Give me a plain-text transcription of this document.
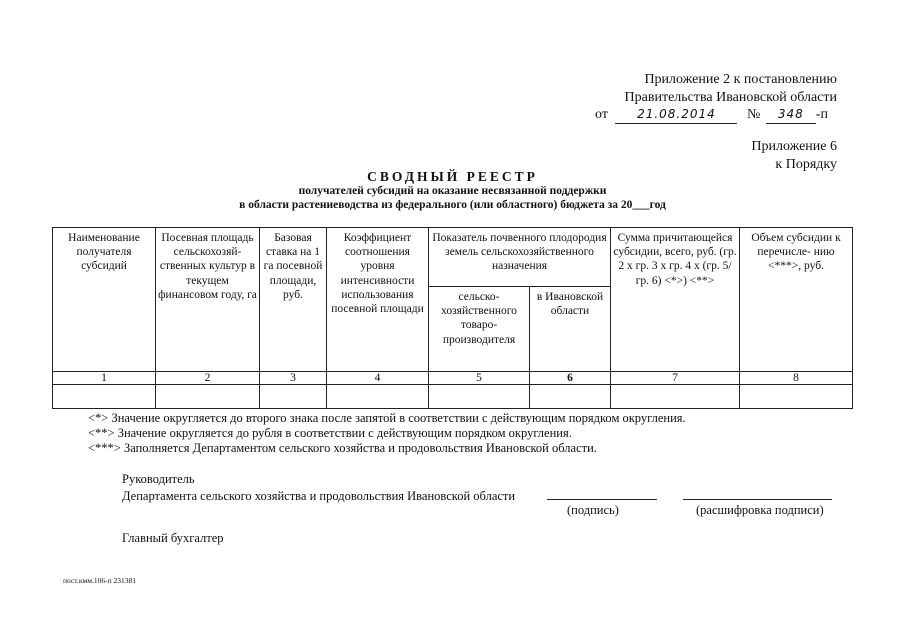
Приложение 2 к постановлению
Правительства Ивановской области
от 21.08.2014 № 348 -п
Приложение 6
к Порядку
СВОДНЫЙ РЕЕСТР
получателей субсидий на оказание несвязанной поддержки
в области растениеводства из федерального (или областного) бюджета за 20___год
Наименование получателя субсидий	Посевная площадь сельскохозяй- ственных культур в текущем финансовом году, га	Базовая ставка на 1 га посевной площади, руб.	Коэффициент соотношения уровня интенсивности использования посевной площади	Показатель почвенного плодородия земель сельскохозяйственного назначения		Сумма причитающейся субсидии, всего, руб. (гр. 2 x гр. 3 x гр. 4 x (гр. 5/гр. 6) <*>) <**>	Объем субсидии к перечисле- нию <***>, руб.
				сельско- хозяйственного товаро- производителя	в Ивановской области		
1	2	3	4	5	6	7	8

<*> Значение округляется до второго знака после запятой в соответствии с действующим порядком округления.
<**> Значение округляется до рубля в соответствии с действующим порядком округления.
<***> Заполняется Департаментом сельского хозяйства и продовольствия Ивановской области.
Руководитель
Департамента сельского хозяйства и продовольствия Ивановской области
(подпись)	(расшифровка подписи)
Главный бухгалтер
пост.кмм.106-п 231381
